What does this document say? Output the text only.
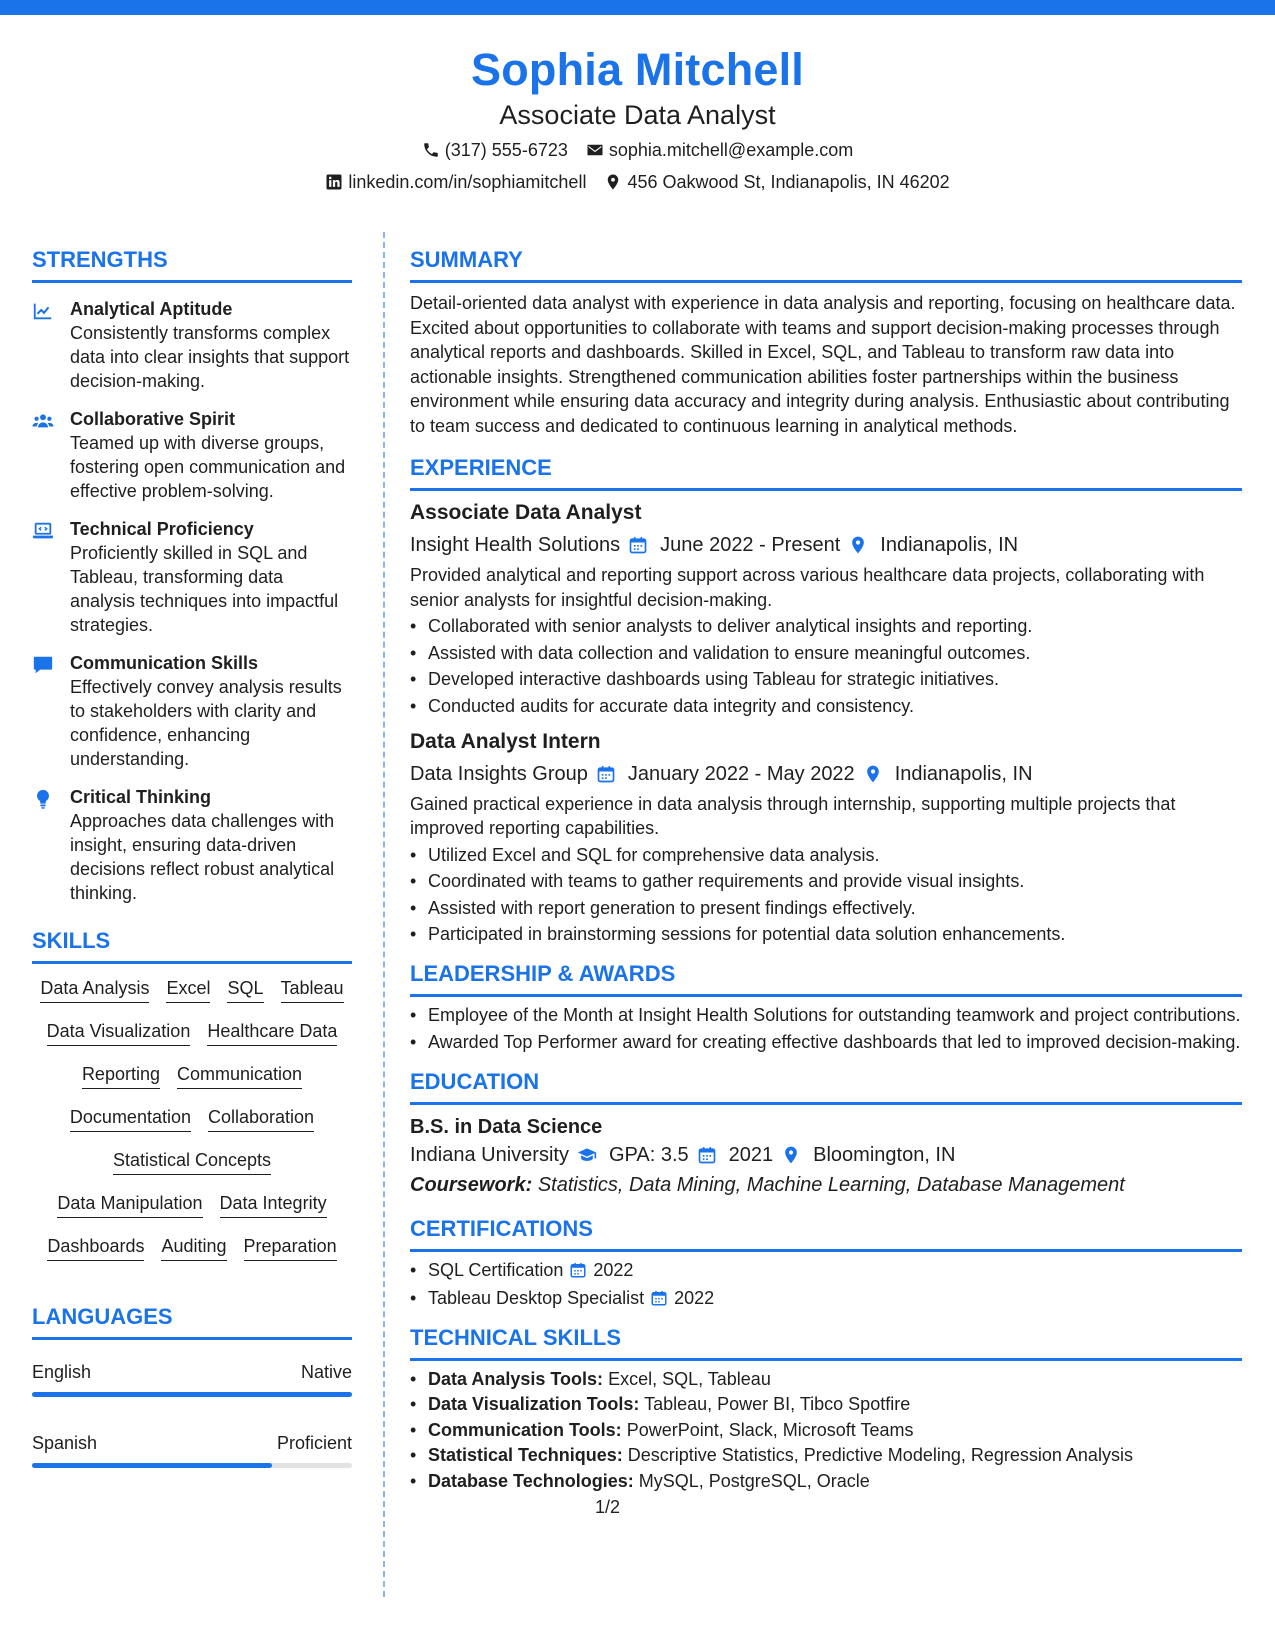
Sophia Mitchell
Associate Data Analyst
(317) 555-6723 sophia.mitchell@example.com
linkedin.com/in/sophiamitchell 456 Oakwood St, Indianapolis, IN 46202
STRENGTHS
Analytical Aptitude
Consistently transforms complex data into clear insights that support decision-making.
Collaborative Spirit
Teamed up with diverse groups, fostering open communication and effective problem-solving.
Technical Proficiency
Proficiently skilled in SQL and Tableau, transforming data analysis techniques into impactful strategies.
Communication Skills
Effectively convey analysis results to stakeholders with clarity and confidence, enhancing understanding.
Critical Thinking
Approaches data challenges with insight, ensuring data-driven decisions reflect robust analytical thinking.
SKILLS
Data Analysis Excel SQL Tableau
Data Visualization Healthcare Data
Reporting Communication
Documentation Collaboration
Statistical Concepts
Data Manipulation Data Integrity
Dashboards Auditing Preparation
LANGUAGES
English	Native
Spanish	Proficient
SUMMARY
Detail-oriented data analyst with experience in data analysis and reporting, focusing on healthcare data. Excited about opportunities to collaborate with teams and support decision-making processes through analytical reports and dashboards. Skilled in Excel, SQL, and Tableau to transform raw data into actionable insights. Strengthened communication abilities foster partnerships within the business environment while ensuring data accuracy and integrity during analysis. Enthusiastic about contributing to team success and dedicated to continuous learning in analytical methods.
EXPERIENCE
Associate Data Analyst
Insight Health Solutions June 2022 - Present Indianapolis, IN
Provided analytical and reporting support across various healthcare data projects, collaborating with senior analysts for insightful decision-making.
• Collaborated with senior analysts to deliver analytical insights and reporting.
• Assisted with data collection and validation to ensure meaningful outcomes.
• Developed interactive dashboards using Tableau for strategic initiatives.
• Conducted audits for accurate data integrity and consistency.
Data Analyst Intern
Data Insights Group January 2022 - May 2022 Indianapolis, IN
Gained practical experience in data analysis through internship, supporting multiple projects that improved reporting capabilities.
• Utilized Excel and SQL for comprehensive data analysis.
• Coordinated with teams to gather requirements and provide visual insights.
• Assisted with report generation to present findings effectively.
• Participated in brainstorming sessions for potential data solution enhancements.
LEADERSHIP & AWARDS
• Employee of the Month at Insight Health Solutions for outstanding teamwork and project contributions.
• Awarded Top Performer award for creating effective dashboards that led to improved decision-making.
EDUCATION
B.S. in Data Science
Indiana University GPA: 3.5 2021 Bloomington, IN
Coursework: Statistics, Data Mining, Machine Learning, Database Management
CERTIFICATIONS
• SQL Certification 2022
• Tableau Desktop Specialist 2022
TECHNICAL SKILLS
• Data Analysis Tools: Excel, SQL, Tableau
• Data Visualization Tools: Tableau, Power BI, Tibco Spotfire
• Communication Tools: PowerPoint, Slack, Microsoft Teams
• Statistical Techniques: Descriptive Statistics, Predictive Modeling, Regression Analysis
• Database Technologies: MySQL, PostgreSQL, Oracle
1/2
